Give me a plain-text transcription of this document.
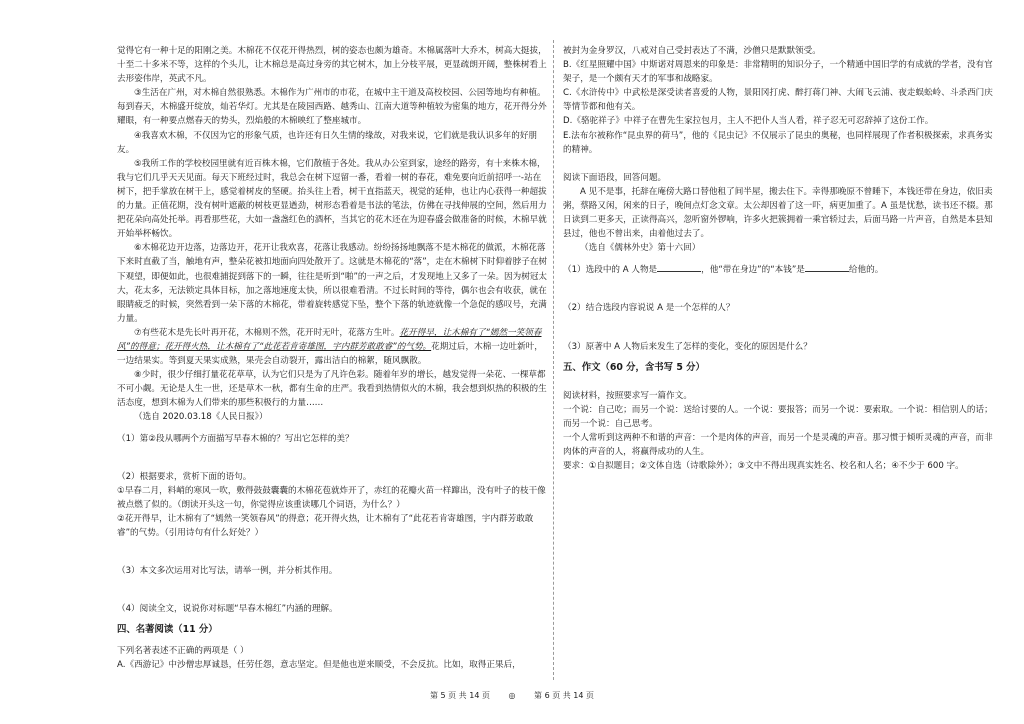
觉得它有一种十足的阳刚之美。木棉花不仅花开得热烈，树的姿态也颇为雄奇。木棉属落叶大乔木，树高大挺拔，十至二十多米不等，这样的个头儿，让木棉总是高过身旁的其它树木，加上分枝平展，更显疏朗开阔，整株树看上去形姿伟岸，英武不凡。

③生活在广州，对木棉自然很熟悉。木棉作为广州市的市花，在城中主干道及高校校园、公园等地均有种植。每到春天，木棉盛开绽放，灿若华灯。尤其是在陵园西路、越秀山、江南大道等种植较为密集的地方，花开得分外耀眼，有一种要点燃春天的势头，烈焰般的木棉映红了整座城市。

④我喜欢木棉，不仅因为它的形象气质，也许还有日久生情的缘故，对我来说，它们就是我认识多年的好朋友。

⑤我所工作的学校校园里就有近百株木棉，它们散植于各处。我从办公室到家，途经的路旁，有十来株木棉，我与它们几乎天天见面。每天下班经过时，我总会在树下逗留一番，看着一树的春花，难免要向近前招呼一-站在树下，把手掌放在树干上，感觉着树皮的坚硬。抬头往上看，树干直指蓝天，视觉的延伸，也让内心获得一种超拔的力量。正值花期，没有树叶遮蔽的树枝更显遒劲，树形态看着是书法的笔法，仿佛在寻找伸展的空间，然后用力把花朵向高处托举。再看那些花，大如一盏盏红色的酒杯，当其它的花木还在为迎春盛会做准备的时候，木棉早就开始举杯畅饮。

⑥木棉花边开边落，边落边开，花开让我欢喜，花落让我感动。纷纷扬扬地飘落不是木棉花的做派，木棉花落下来时直截了当，触地有声，整朵花被扣地面向四处散开了。这就是木棉花的“落”，走在木棉树下时仰着脖子在树下观望，即便如此，也很难捕捉到落下的一瞬，往往是听到“啪”的一声之后，才发现地上又多了一朵。因为树冠太大，花太多，无法锁定具体目标，加之落地速度太快，所以很难看清。不过长时间的等待，偶尔也会有收获，就在眼睛疲乏的时候，突然看到一朵下落的木棉花，带着旋转感觉下坠，整个下落的轨迹就像一个急促的感叹号，充满力量。

⑦有些花木是先长叶再开花，木棉则不然，花开时无叶，花落方生叶。花开得早，让木棉有了“嫣然一笑领春风”的得意；花开得火热，让木棉有了“此花若肯寄雄图，宇内群芳敢敢睿”的气势。花期过后，木棉一边吐新叶，一边结果实。等到夏天果实成熟，果壳会自动裂开，露出洁白的棉絮，随风飘散。

⑧少时，很少仔细打量花花草草，认为它们只是为了凡许色彩。随着年岁的增长，越发觉得一朵花、一棵草都不可小觑。无论是人生一世，还是草木一秋，都有生命的庄严。我看到热情似火的木棉，我会想到炽热的积极的生活态度，想到木棉为人们带来的那些积极行的力量……

（选自 2020.03.18《人民日报》）

（1）第②段从哪两个方面描写早春木棉的？写出它怎样的美？

（2）根据要求，赏析下面的语句。

①早春二月，料峭的寒风一吹，敷得鼓鼓囊囊的木棉花苞就炸开了，赤红的花瓣火苗一样蹿出，没有叶子的枝干像被点燃了似的。（朗读开头这一句，你觉得应该重读哪几个词语，为什么？）

②花开得早，让木棉有了“嫣然一笑领春风”的得意；花开得火热，让木棉有了“此花若肯寄雄图，宇内群芳敢敢睿”的气势。（引用诗句有什么好处？）

（3）本文多次运用对比写法，请举一例，并分析其作用。

（4）阅读全文，说说你对标题“早春木棉红”内涵的理解。

四、名著阅读（11 分）

下列名著表述不正确的两项是（ ）

A.《西游记》中沙僧忠厚诚恳，任劳任怨，意志坚定。但是他也逆来顺受，不会反抗。比如，取得正果后，

被封为金身罗汉，八戒对自己受封表达了不满，沙僧只是默默领受。

B.《红星照耀中国》中斯诺对周恩来的印象是：非常精明的知识分子，一个精通中国旧学的有成就的学者，没有官架子，是一个颇有天才的军事和战略家。

C.《水浒传中》中武松是深受读者喜爱的人物，景阳冈打虎、醉打蒋门神、大闹飞云浦、夜走蜈蚣岭、斗杀西门庆等情节都和他有关。

D.《骆驼祥子》中祥子在曹先生家拉包月，主人不把仆人当人看，祥子忍无可忍辞掉了这份工作。

E.法布尔被称作“昆虫界的荷马”，他的《昆虫记》不仅展示了昆虫的奥秘，也同样展现了作者积极探索，求真务实的精神。

阅读下面语段，回答问题。

A 见不是事，托辞在庵傍大路口替他租了间半屋，搬去住下。幸得那晚原不曾睡下，本钱还带在身边，依旧卖粥，蔡路又闲，闲来的日子，晚间点灯念文章。太公却因着了这一吓，病更加重了。A 虽是忧愁，读书还不辍。那日读到二更多天，正读得高兴，忽听窗外锣响，许多火把簇拥着一乘官轿过去，后面马路一片声音，自然是本县知县过，他也不曾出来，由着他过去了。

（选自《儒林外史》第十六回）

（1）选段中的 A 人物是	，他“带在身边”的“本钱”是	给他的。

（2）结合选段内容说说 A 是一个怎样的人？

（3）原著中 A 人物后来发生了怎样的变化，变化的原因是什么？

五、作文（60 分，含书写 5 分）

阅读材料，按照要求写一篇作文。

一个说：自己吃；而另一个说：送给讨要的人。一个说：要报答；而另一个说：要索取。一个说：相信别人的话；而另一个说：自己思考。

一个人常听到这两种不和谐的声音：一个是肉体的声音，而另一个是灵魂的声音。那习惯于倾听灵魂的声音，而非肉体的声音的人，将赢得成功的人生。

要求：①自拟题目；②文体自选（诗歌除外）；③文中不得出现真实姓名、校名和人名；④不少于 600 字。

第 5 页 共 14 页 ◎ 第 6 页 共 14 页
